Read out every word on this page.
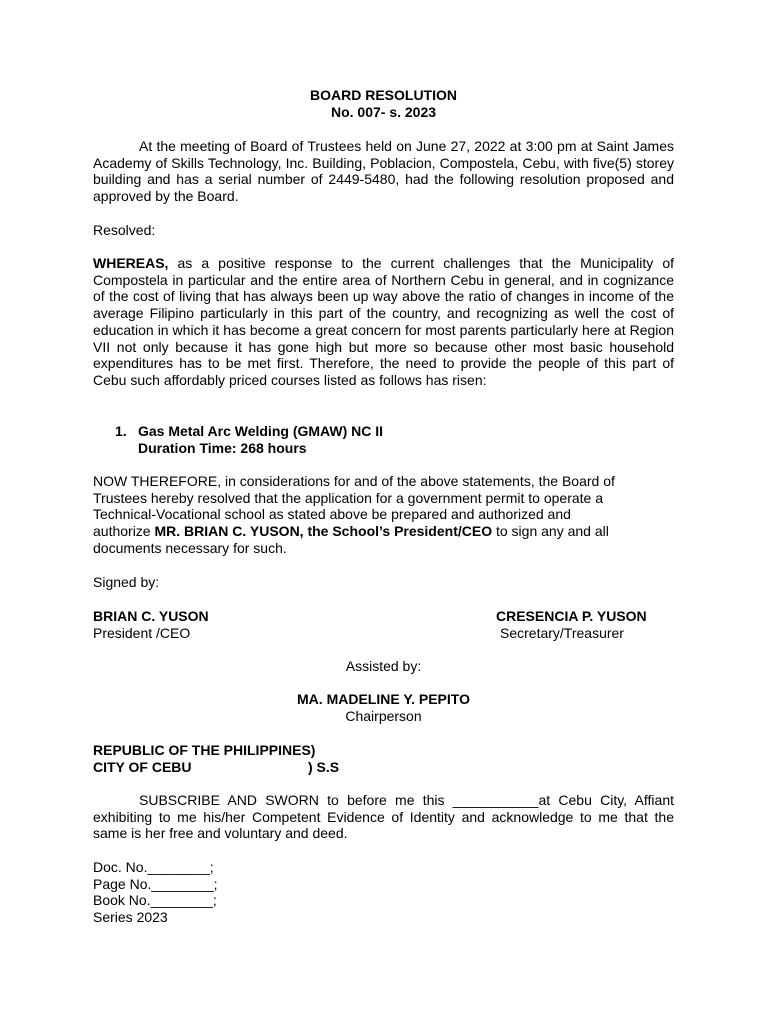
BOARD RESOLUTION
No. 007- s. 2023

At the meeting of Board of Trustees held on June 27, 2022 at 3:00 pm at Saint James Academy of Skills Technology, Inc. Building, Poblacion, Compostela, Cebu, with five(5) storey building and has a serial number of 2449-5480, had the following resolution proposed and approved by the Board.

Resolved:

WHEREAS, as a positive response to the current challenges that the Municipality of Compostela in particular and the entire area of Northern Cebu in general, and in cognizance of the cost of living that has always been up way above the ratio of changes in income of the average Filipino particularly in this part of the country, and recognizing as well the cost of education in which it has become a great concern for most parents particularly here at Region VII not only because it has gone high but more so because other most basic household expenditures has to be met first. Therefore, the need to provide the people of this part of Cebu such affordably priced courses listed as follows has risen:

1. Gas Metal Arc Welding (GMAW) NC II
Duration Time: 268 hours
NOW THEREFORE, in considerations for and of the above statements, the Board of
Trustees hereby resolved that the application for a government permit to operate a
Technical-Vocational school as stated above be prepared and authorized and
authorize MR. BRIAN C. YUSON, the School’s President/CEO to sign any and all
documents necessary for such.

Signed by:

BRIAN C. YUSON
President /CEO
CRESENCIA P. YUSON
Secretary/Treasurer

Assisted by:

MA. MADELINE Y. PEPITO
Chairperson
REPUBLIC OF THE PHILIPPINES)
CITY OF CEBU	) S.S

SUBSCRIBE AND SWORN to before me this ___________at Cebu City, Affiant exhibiting to me his/her Competent Evidence of Identity and acknowledge to me that the same is her free and voluntary and deed.

Doc. No.________;
Page No.________;
Book No.________;
Series 2023
